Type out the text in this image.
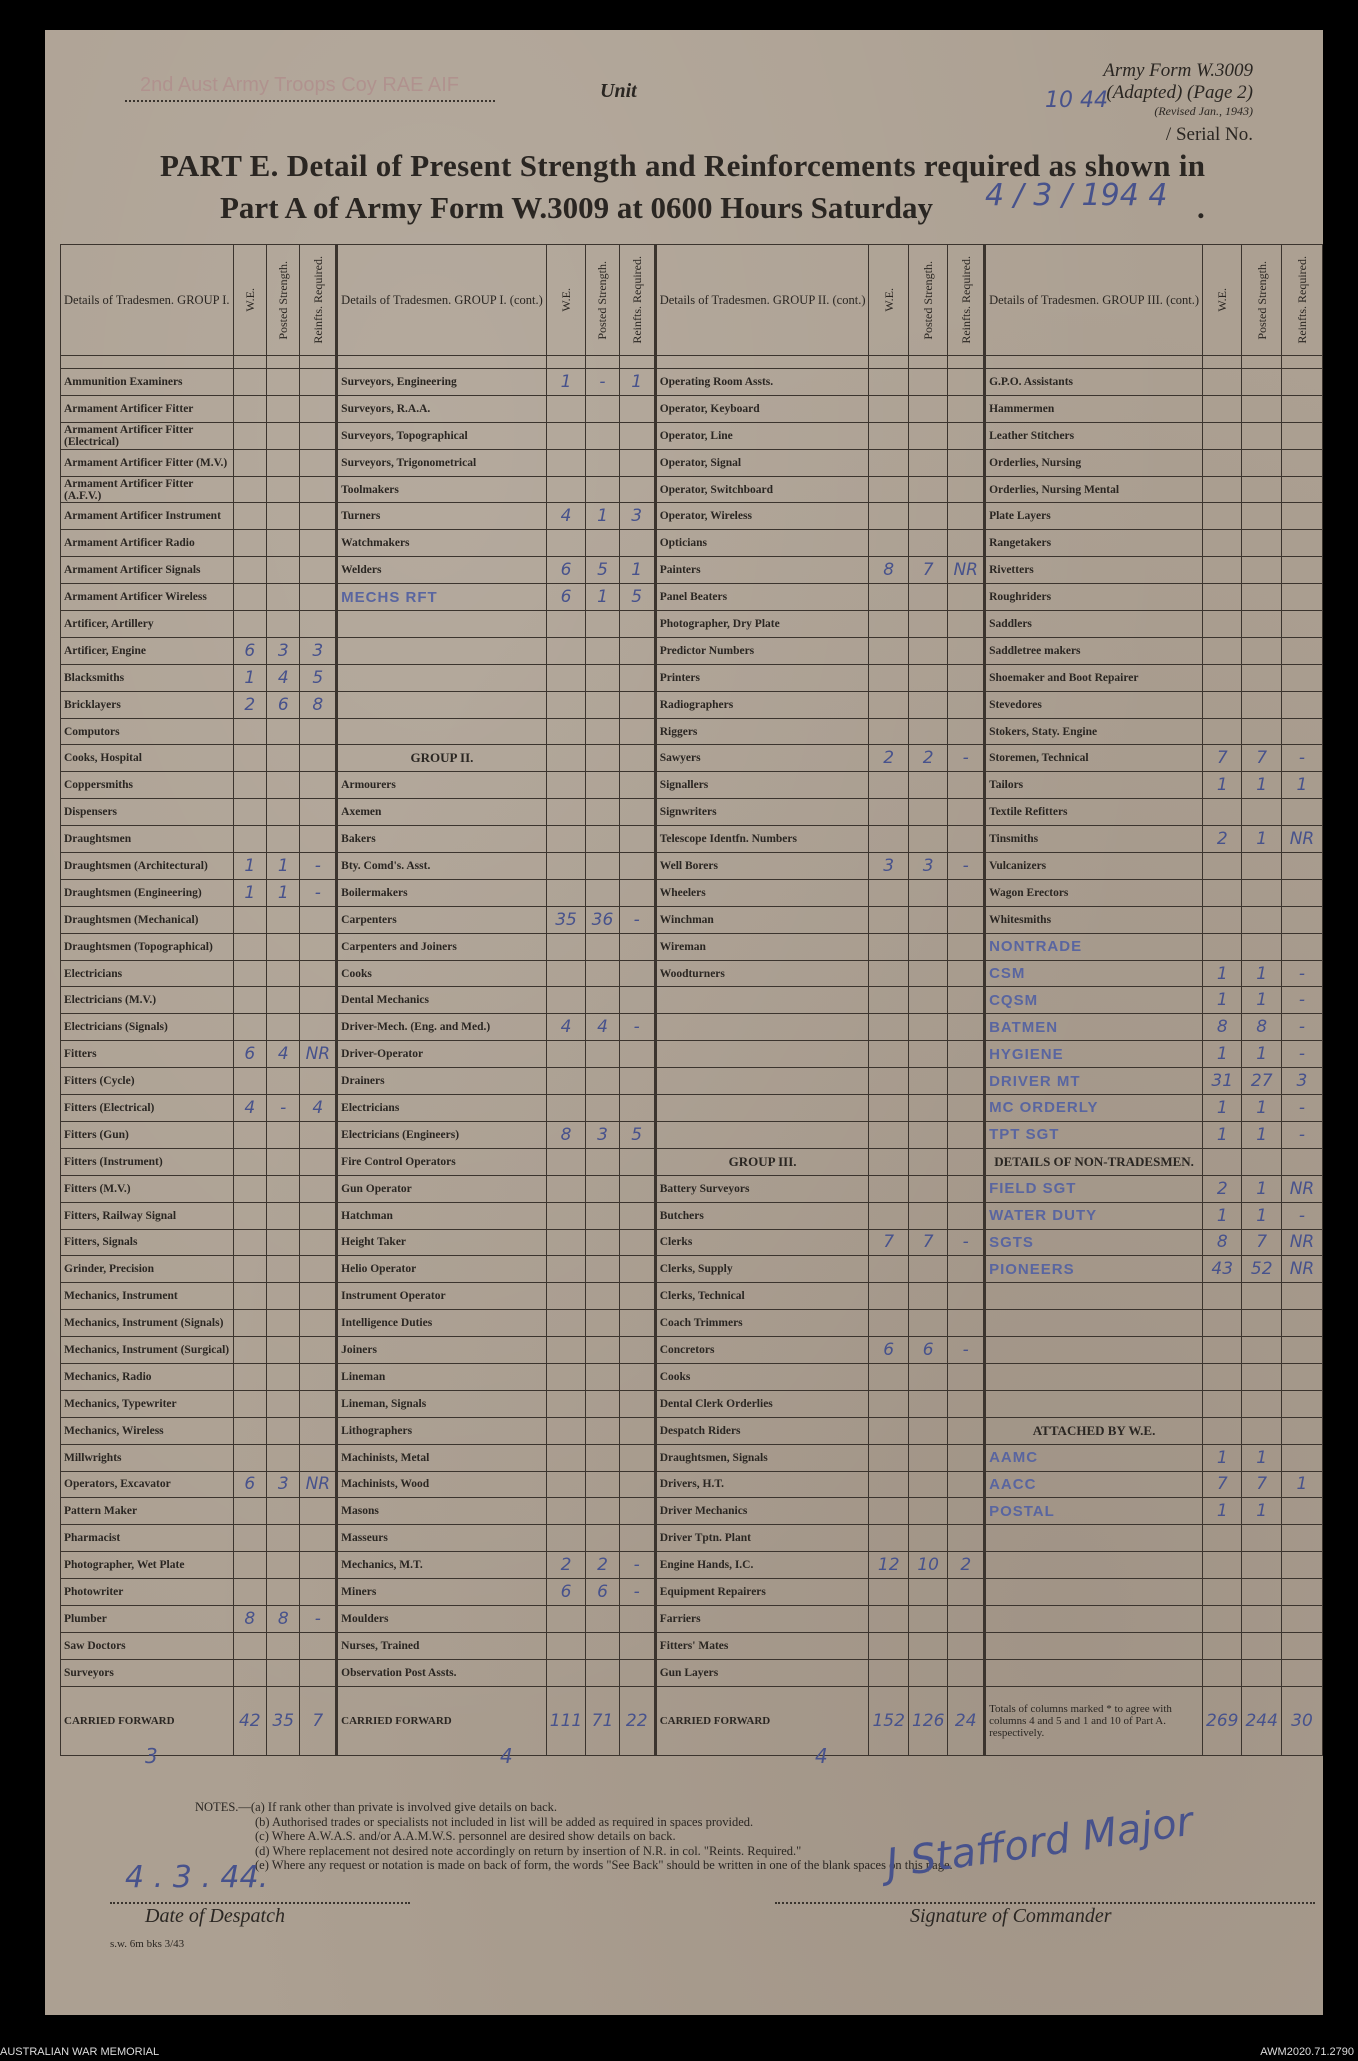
2nd Aust Army Troops Coy RAE AIF	Unit
Army Form W.3009
(Adapted) (Page 2)
(Revised Jan., 1943)
/ Serial No.
10 44
PART E. Detail of Present Strength and Reinforcements required as shown in
Part A of Army Form W.3009 at 0600 Hours Saturday 4 / 3 / 194 4 .
Details of Tradesmen. GROUP I.	W.E.	Posted Strength.	Reinfts. Required.	Details of Tradesmen. GROUP I. (cont.)	W.E.	Posted Strength.	Reinfts. Required.	Details of Tradesmen. GROUP II. (cont.)	W.E.	Posted Strength.	Reinfts. Required.	Details of Tradesmen. GROUP III. (cont.)	W.E.	Posted Strength.	Reinfts. Required.

Ammunition Examiners				Surveyors, Engineering	1	-	1	Operating Room Assts.				G.P.O. Assistants			
Armament Artificer Fitter				Surveyors, R.A.A.				Operator, Keyboard				Hammermen			
Armament Artificer Fitter (Electrical)				Surveyors, Topographical				Operator, Line				Leather Stitchers			
Armament Artificer Fitter (M.V.)				Surveyors, Trigonometrical				Operator, Signal				Orderlies, Nursing			
Armament Artificer Fitter (A.F.V.)				Toolmakers				Operator, Switchboard				Orderlies, Nursing Mental			
Armament Artificer Instrument				Turners	4	1	3	Operator, Wireless				Plate Layers			
Armament Artificer Radio				Watchmakers				Opticians				Rangetakers			
Armament Artificer Signals				Welders	6	5	1	Painters	8	7	NR	Rivetters			
Armament Artificer Wireless				MECHS RFT	6	1	5	Panel Beaters				Roughriders			
Artificer, Artillery								Photographer, Dry Plate				Saddlers			
Artificer, Engine	6	3	3					Predictor Numbers				Saddletree makers			
Blacksmiths	1	4	5					Printers				Shoemaker and Boot Repairer			
Bricklayers	2	6	8					Radiographers				Stevedores			
Computors								Riggers				Stokers, Staty. Engine			
Cooks, Hospital				GROUP II.				Sawyers	2	2	-	Storemen, Technical	7	7	-
Coppersmiths				Armourers				Signallers				Tailors	1	1	1
Dispensers				Axemen				Signwriters				Textile Refitters			
Draughtsmen				Bakers				Telescope Identfn. Numbers				Tinsmiths	2	1	NR
Draughtsmen (Architectural)	1	1	-	Bty. Comd's. Asst.				Well Borers	3	3	-	Vulcanizers			
Draughtsmen (Engineering)	1	1	-	Boilermakers				Wheelers				Wagon Erectors			
Draughtsmen (Mechanical)				Carpenters	35	36	-	Winchman				Whitesmiths			
Draughtsmen (Topographical)				Carpenters and Joiners				Wireman				NONTRADE			
Electricians				Cooks				Woodturners				CSM	1	1	-
Electricians (M.V.)				Dental Mechanics								CQSM	1	1	-
Electricians (Signals)				Driver-Mech. (Eng. and Med.)	4	4	-					BATMEN	8	8	-
Fitters	6	4	NR	Driver-Operator								HYGIENE	1	1	-
Fitters (Cycle)				Drainers								DRIVER MT	31	27	3
Fitters (Electrical)	4	-	4	Electricians								MC ORDERLY	1	1	-
Fitters (Gun)				Electricians (Engineers)	8	3	5					TPT SGT	1	1	-
Fitters (Instrument)				Fire Control Operators				GROUP III.				DETAILS OF NON-TRADESMEN.			
Fitters (M.V.)				Gun Operator				Battery Surveyors				FIELD SGT	2	1	NR
Fitters, Railway Signal				Hatchman				Butchers				WATER DUTY	1	1	-
Fitters, Signals				Height Taker				Clerks	7	7	-	SGTS	8	7	NR
Grinder, Precision				Helio Operator				Clerks, Supply				PIONEERS	43	52	NR
Mechanics, Instrument				Instrument Operator				Clerks, Technical							
Mechanics, Instrument (Signals)				Intelligence Duties				Coach Trimmers							
Mechanics, Instrument (Surgical)				Joiners				Concretors	6	6	-				
Mechanics, Radio				Lineman				Cooks							
Mechanics, Typewriter				Lineman, Signals				Dental Clerk Orderlies							
Mechanics, Wireless				Lithographers				Despatch Riders				ATTACHED BY W.E.			
Millwrights				Machinists, Metal				Draughtsmen, Signals				AAMC	1	1	
Operators, Excavator	6	3	NR	Machinists, Wood				Drivers, H.T.				AACC	7	7	1
Pattern Maker				Masons				Driver Mechanics				POSTAL	1	1	
Pharmacist				Masseurs				Driver Tptn. Plant							
Photographer, Wet Plate				Mechanics, M.T.	2	2	-	Engine Hands, I.C.	12	10	2				
Photowriter				Miners	6	6	-	Equipment Repairers							
Plumber	8	8	-	Moulders				Farriers							
Saw Doctors				Nurses, Trained				Fitters' Mates							
Surveyors				Observation Post Assts.				Gun Layers							
CARRIED FORWARD	42	35	7	CARRIED FORWARD	111	71	22	CARRIED FORWARD	152	126	24	Totals of columns marked * to agree with columns 4 and 5 and 1 and 10 of Part A. respectively.	269	244	30
3	4	4
NOTES.—(a) If rank other than private is involved give details on back.
(b) Authorised trades or specialists not included in list will be added as required in spaces provided.
(c) Where A.W.A.S. and/or A.A.M.W.S. personnel are desired show details on back.
(d) Where replacement not desired note accordingly on return by insertion of N.R. in col. "Reints. Required."
(e) Where any request or notation is made on back of form, the words "See Back" should be written in one of the blank spaces on this page.
4 . 3 . 44.
Date of Despatch
s.w. 6m bks 3/43
J Stafford Major
Signature of Commander
AUSTRALIAN WAR MEMORIAL	AWM2020.71.2790
